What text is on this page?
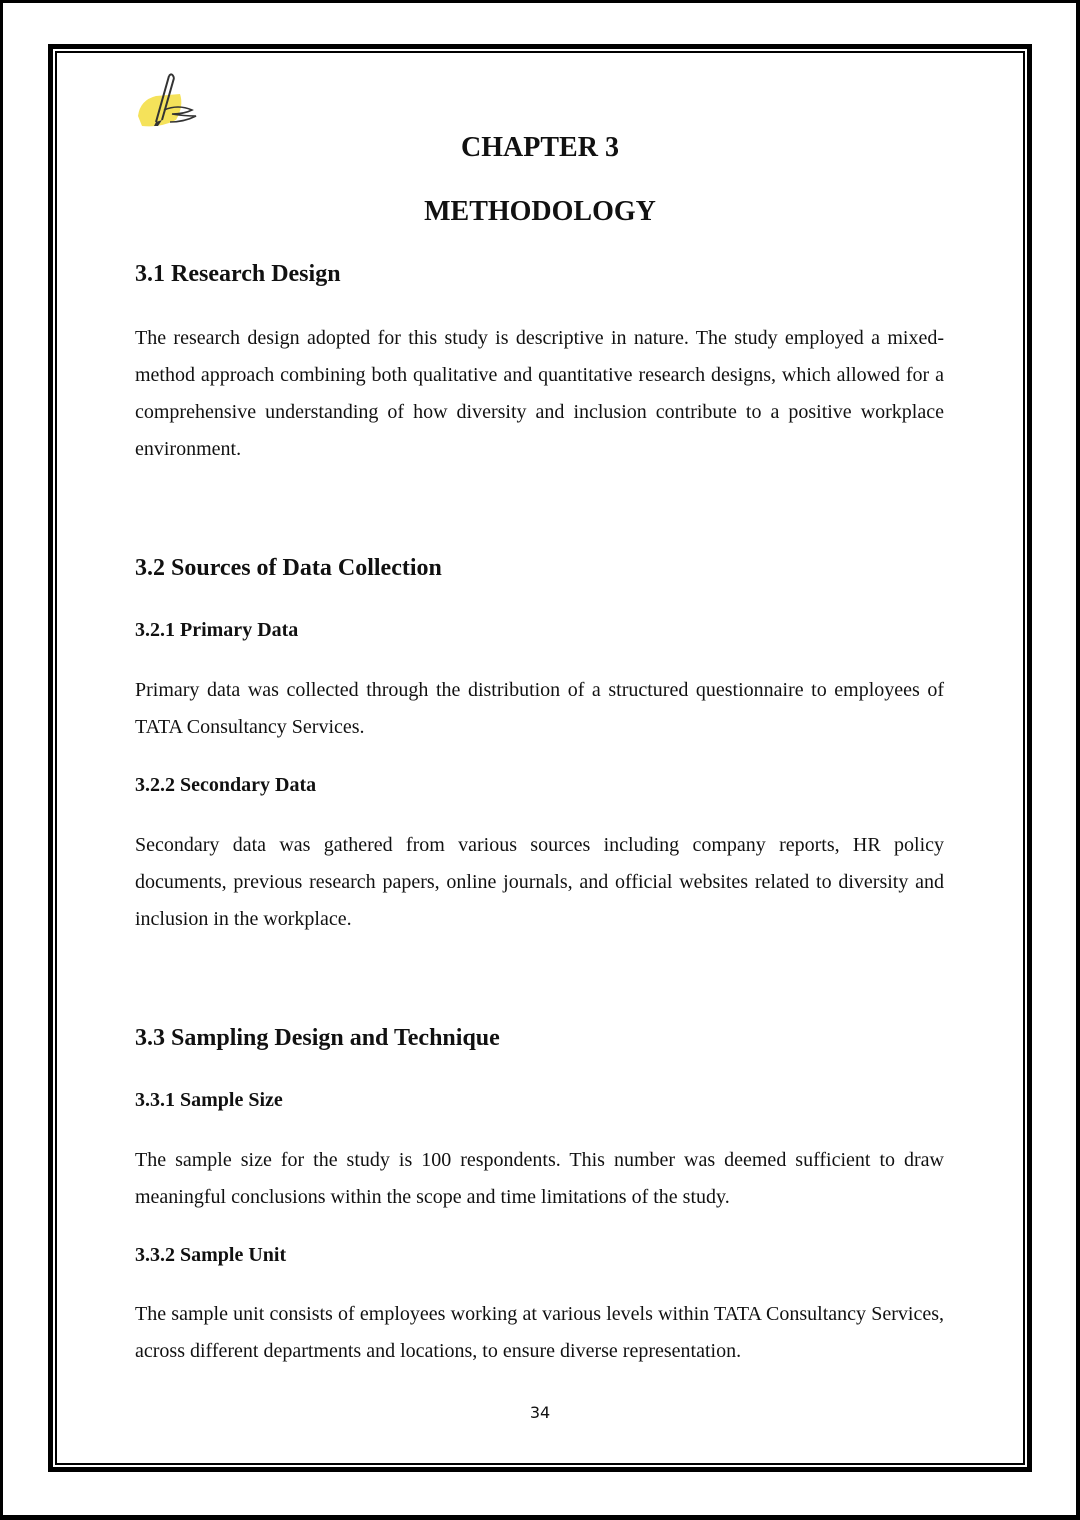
CHAPTER 3
METHODOLOGY
3.1 Research Design

The research design adopted for this study is descriptive in nature. The study employed a mixed-method approach combining both qualitative and quantitative research designs, which allowed for a comprehensive understanding of how diversity and inclusion contribute to a positive workplace environment.

3.2 Sources of Data Collection
3.2.1 Primary Data

Primary data was collected through the distribution of a structured questionnaire to employees of TATA Consultancy Services.

3.2.2 Secondary Data

Secondary data was gathered from various sources including company reports, HR policy documents, previous research papers, online journals, and official websites related to diversity and inclusion in the workplace.

3.3 Sampling Design and Technique
3.3.1 Sample Size

The sample size for the study is 100 respondents. This number was deemed sufficient to draw meaningful conclusions within the scope and time limitations of the study.

3.3.2 Sample Unit

The sample unit consists of employees working at various levels within TATA Consultancy Services, across different departments and locations, to ensure diverse representation.

34
